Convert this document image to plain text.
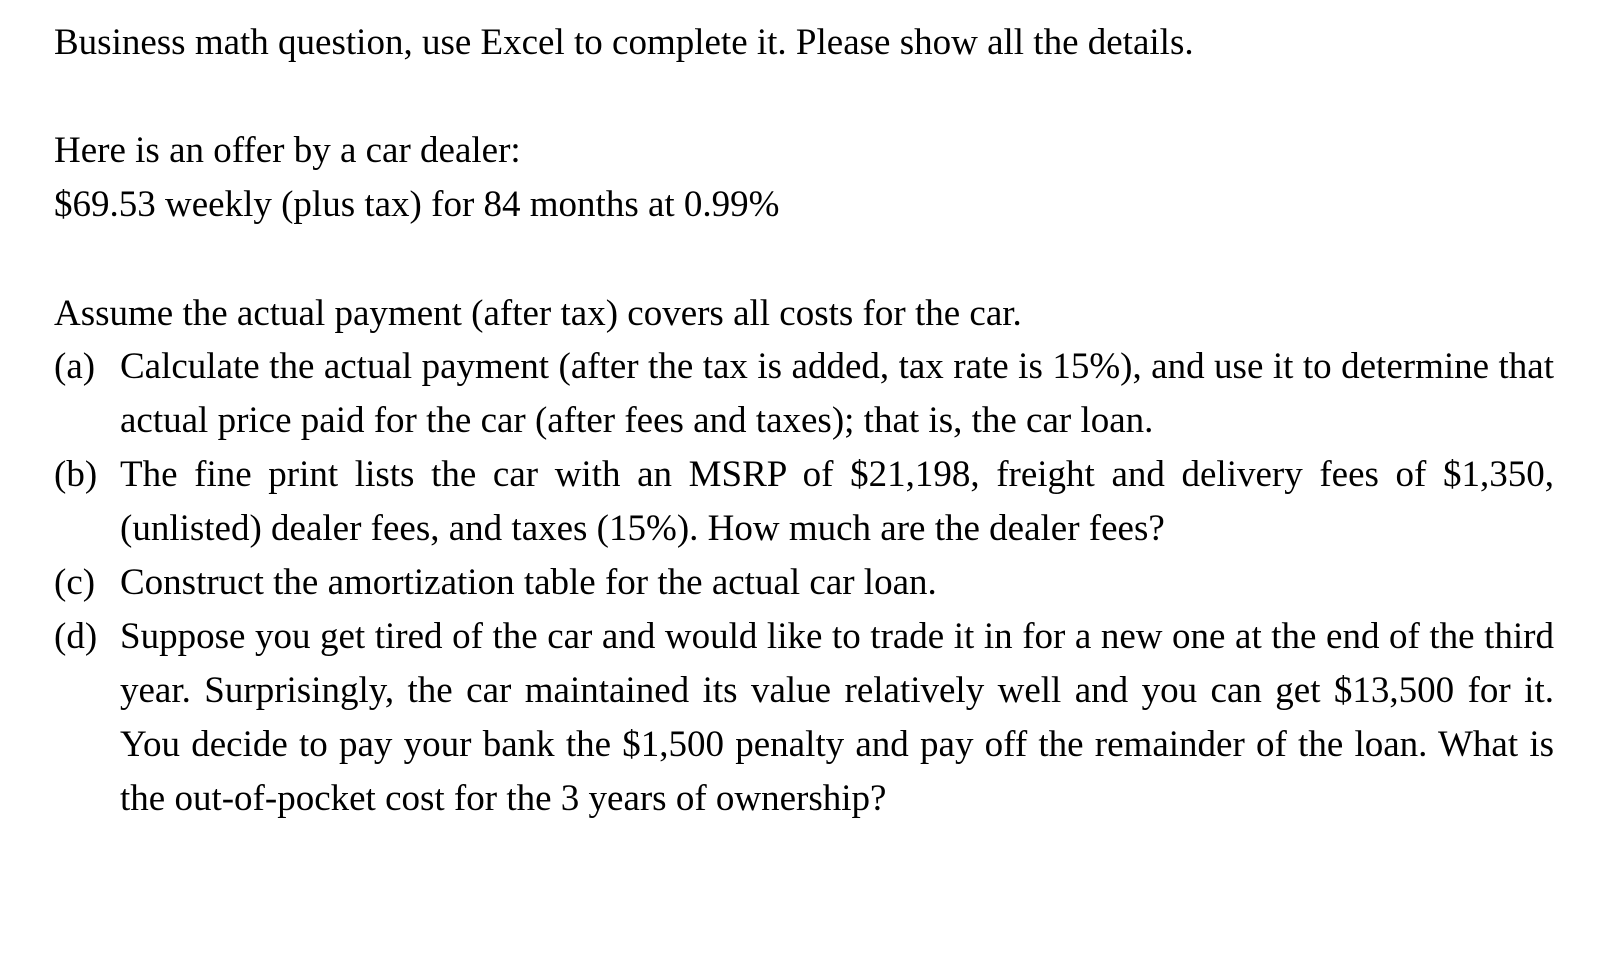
Business math question, use Excel to complete it. Please show all the details.
Here is an offer by a car dealer:
$69.53 weekly (plus tax) for 84 months at 0.99%
Assume the actual payment (after tax) covers all costs for the car.
(a) Calculate the actual payment (after the tax is added, tax rate is 15%), and use it to determine that actual price paid for the car (after fees and taxes); that is, the car loan.
(b) The fine print lists the car with an MSRP of $21,198, freight and delivery fees of $1,350, (unlisted) dealer fees, and taxes (15%). How much are the dealer fees?
(c) Construct the amortization table for the actual car loan.
(d) Suppose you get tired of the car and would like to trade it in for a new one at the end of the third year. Surprisingly, the car maintained its value relatively well and you can get $13,500 for it. You decide to pay your bank the $1,500 penalty and pay off the remainder of the loan. What is the out-of-pocket cost for the 3 years of ownership?
